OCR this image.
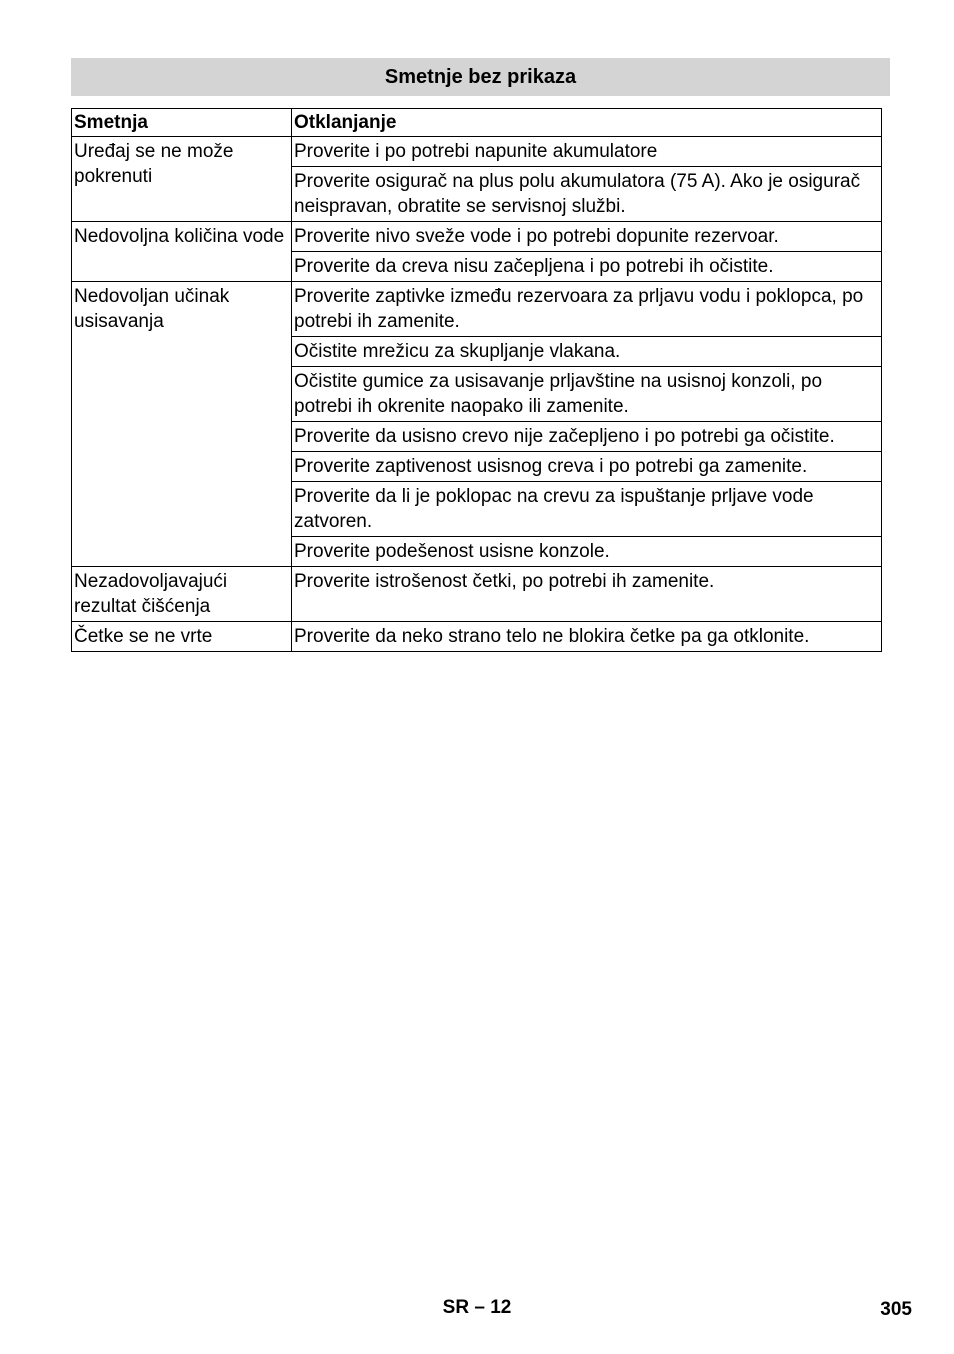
Smetnje bez prikaza
Smetnja	Otklanjanje
Uređaj se ne može pokrenuti	Proverite i po potrebi napunite akumulatore
	Proverite osigurač na plus polu akumulatora (75 A). Ako je osigurač neispravan, obratite se servisnoj službi.
Nedovoljna količina vode	Proverite nivo sveže vode i po potrebi dopunite rezervoar.
	Proverite da creva nisu začepljena i po potrebi ih očistite.
Nedovoljan učinak usisavanja	Proverite zaptivke između rezervoara za prljavu vodu i poklopca, po potrebi ih zamenite.
	Očistite mrežicu za skupljanje vlakana.
	Očistite gumice za usisavanje prljavštine na usisnoj konzoli, po potrebi ih okrenite naopako ili zamenite.
	Proverite da usisno crevo nije začepljeno i po potrebi ga očistite.
	Proverite zaptivenost usisnog creva i po potrebi ga zamenite.
	Proverite da li je poklopac na crevu za ispuštanje prljave vode zatvoren.
	Proverite podešenost usisne konzole.
Nezadovoljavajući rezultat čišćenja	Proverite istrošenost četki, po potrebi ih zamenite.
Četke se ne vrte	Proverite da neko strano telo ne blokira četke pa ga otklonite.
SR – 12	305
